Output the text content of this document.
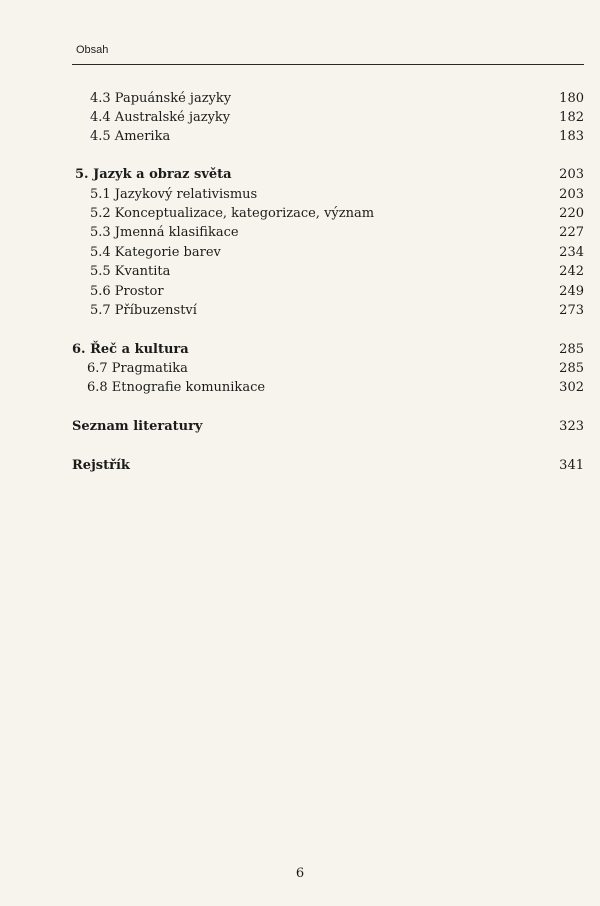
Obsah
4.3 Papuánské jazyky	180
4.4 Australské jazyky	182
4.5 Amerika	183
5. Jazyk a obraz světa	203
5.1 Jazykový relativismus	203
5.2 Konceptualizace, kategorizace, význam	220
5.3 Jmenná klasifikace	227
5.4 Kategorie barev	234
5.5 Kvantita	242
5.6 Prostor	249
5.7 Příbuzenství	273
6. Řeč a kultura	285
6.7 Pragmatika	285
6.8 Etnografie komunikace	302
Seznam literatury	323
Rejstřík	341
6
